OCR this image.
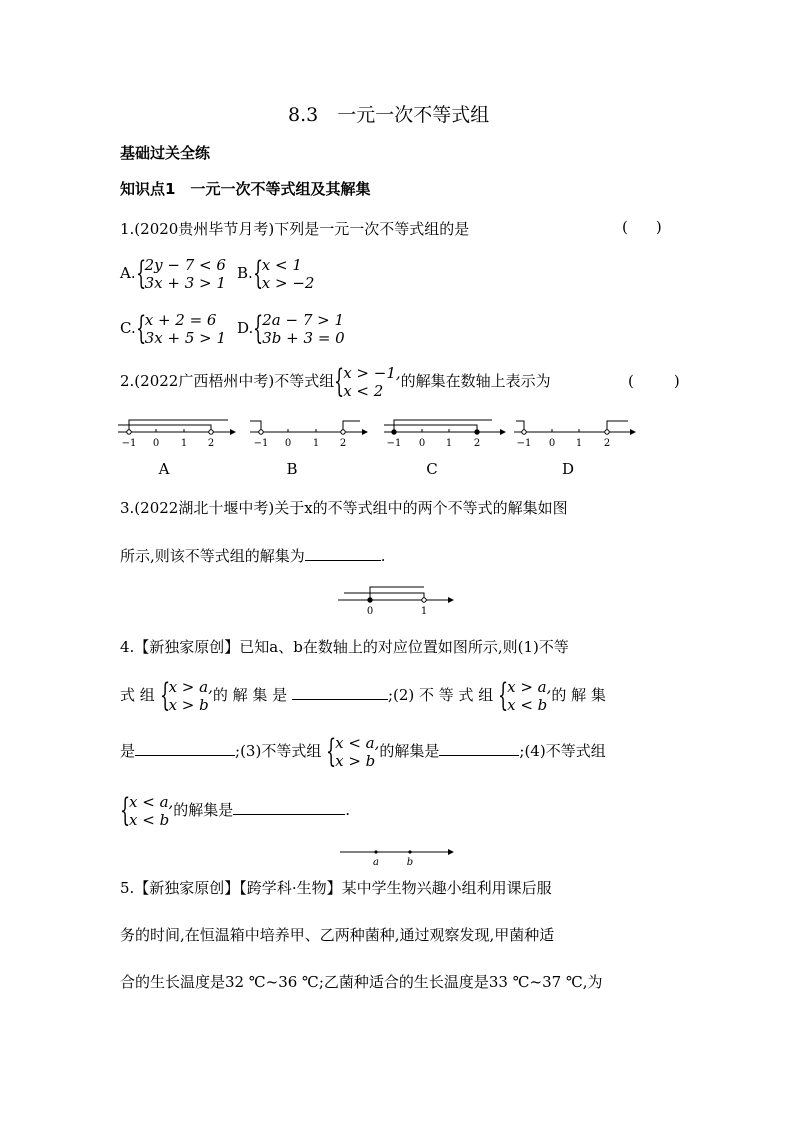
8.3　一元一次不等式组
基础过关全练
知识点1　一元一次不等式组及其解集
1.(2020贵州毕节月考)下列是一元一次不等式组的是	( )
A. {
2y − 7 < 6
3x + 3 > 1
B. {
x < 1
x > −2
C. {
x + 2 = 6
3x + 5 > 1
D. {
2a − 7 > 1
3b + 3 = 0
2.(2022广西梧州中考)不等式组 {
x > −1,
x < 2
的解集在数轴上表示为	(	)
−1 0 1 2
A
−1 0 1 2
B
−1 0 1 2
C
−1 0 1 2
D
3.(2022湖北十堰中考)关于x的不等式组中的两个不等式的解集如图
所示,则该不等式组的解集为	.
0	1
4.【新独家原创】已知a、b在数轴上的对应位置如图所示,则(1)不等
式 组 {
x > a,
x > b
的 解 集 是	;(2) 不 等 式 组 {
x > a,
x < b
的 解 集
是	;(3)不等式组 {
x < a,
x > b
的解集是	;(4)不等式组
{
x < a,
x < b
的解集是	.
a	b
5.【新独家原创】【跨学科·生物】某中学生物兴趣小组利用课后服
务的时间,在恒温箱中培养甲、乙两种菌种,通过观察发现,甲菌种适
合的生长温度是32 ℃~36 ℃;乙菌种适合的生长温度是33 ℃~37 ℃,为
